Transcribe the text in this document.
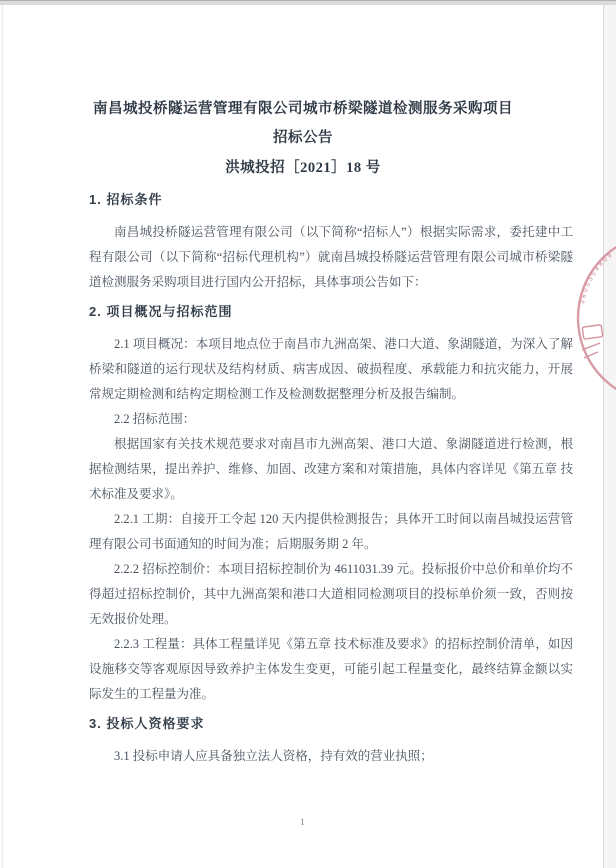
南昌城投桥隧运营管理有限公司城市桥梁隧道检测服务采购项目
招标公告
洪城投招［2021］18 号
1. 招标条件

南昌城投桥隧运营管理有限公司（以下简称“招标人”）根据实际需求，委托建中工程有限公司（以下简称“招标代理机构”）就南昌城投桥隧运营管理有限公司城市桥梁隧道检测服务采购项目进行国内公开招标，具体事项公告如下：

2. 项目概况与招标范围

2.1 项目概况：本项目地点位于南昌市九洲高架、港口大道、象湖隧道，为深入了解桥梁和隧道的运行现状及结构材质、病害成因、破损程度、承载能力和抗灾能力，开展常规定期检测和结构定期检测工作及检测数据整理分析及报告编制。

2.2 招标范围：

根据国家有关技术规范要求对南昌市九洲高架、港口大道、象湖隧道进行检测，根据检测结果，提出养护、维修、加固、改建方案和对策措施，具体内容详见《第五章 技术标准及要求》。

2.2.1 工期：自接开工令起 120 天内提供检测报告；具体开工时间以南昌城投运营管理有限公司书面通知的时间为准；后期服务期 2 年。

2.2.2 招标控制价：本项目招标控制价为 4611031.39 元。投标报价中总价和单价均不得超过招标控制价，其中九洲高架和港口大道相同检测项目的投标单价须一致，否则按无效报价处理。

2.2.3 工程量：具体工程量详见《第五章 技术标准及要求》的招标控制价清单，如因设施移交等客观原因导致养护主体发生变更，可能引起工程量变化，最终结算金额以实际发生的工程量为准。

3. 投标人资格要求

3.1 投标申请人应具备独立法人资格，持有效的营业执照；

3605354808
1
